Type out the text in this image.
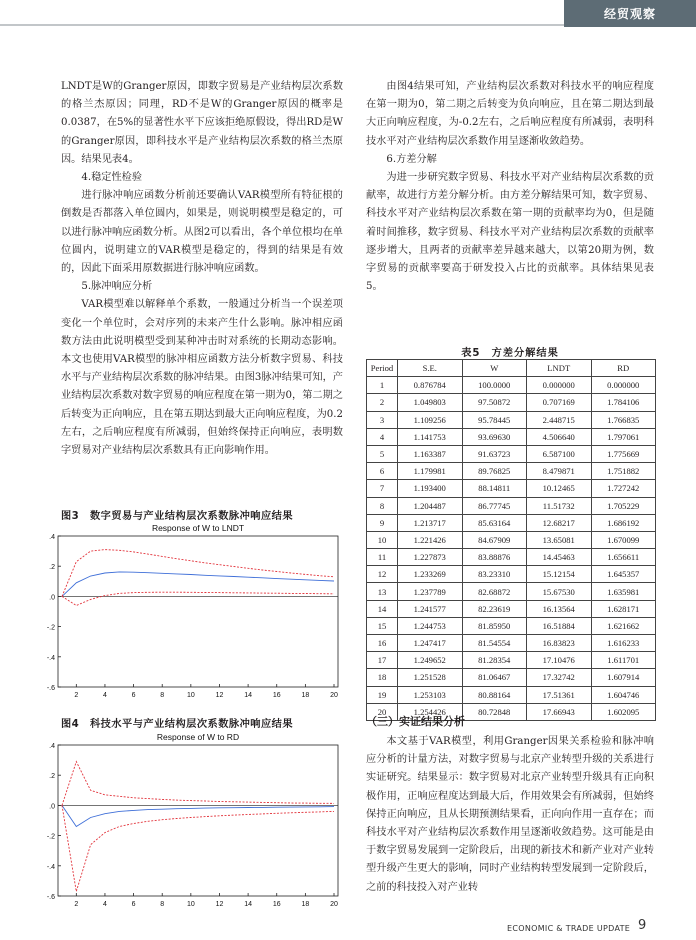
经贸观察

LNDT是W的Granger原因，即数字贸易是产业结构层次系数的格兰杰原因；同理，RD不是W的Granger原因的概率是0.0387，在5%的显著性水平下应该拒绝原假设，得出RD是W的Granger原因，即科技水平是产业结构层次系数的格兰杰原因。结果见表4。

4.稳定性检验

进行脉冲响应函数分析前还要确认VAR模型所有特征根的倒数是否都落入单位圆内，如果是，则说明模型是稳定的，可以进行脉冲响应函数分析。从图2可以看出，各个单位根均在单位圆内，说明建立的VAR模型是稳定的，得到的结果是有效的，因此下面采用原数据进行脉冲响应函数。

5.脉冲响应分析

VAR模型难以解释单个系数，一般通过分析当一个误差项变化一个单位时，会对序列的未来产生什么影响。脉冲相应函数方法由此说明模型受到某种冲击时对系统的长期动态影响。本文也使用VAR模型的脉冲相应函数方法分析数字贸易、科技水平与产业结构层次系数的脉冲结果。由图3脉冲结果可知，产业结构层次系数对数字贸易的响应程度在第一期为0，第二期之后转变为正向响应，且在第五期达到最大正向响应程度，为0.2左右，之后响应程度有所减弱，但始终保持正向响应，表明数字贸易对产业结构层次系数具有正向影响作用。

图3　数字贸易与产业结构层次系数脉冲响应结果
Response of W to LNDT
.4
.2
.0
-.2
-.4
-.6
2	4	6	8	10	12	14	16	18	20
图4　科技水平与产业结构层次系数脉冲响应结果
Response of W to RD
.4
.2
.0
-.2
-.4
-.6
2	4	6	8	10	12	14	16	18	20

由图4结果可知，产业结构层次系数对科技水平的响应程度在第一期为0，第二期之后转变为负向响应，且在第二期达到最大正向响应程度，为-0.2左右，之后响应程度有所减弱，表明科技水平对产业结构层次系数作用呈逐渐收敛趋势。

6.方差分解

为进一步研究数字贸易、科技水平对产业结构层次系数的贡献率，故进行方差分解分析。由方差分解结果可知，数字贸易、科技水平对产业结构层次系数在第一期的贡献率均为0，但是随着时间推移，数字贸易、科技水平对产业结构层次系数的贡献率逐步增大，且两者的贡献率差异越来越大，以第20期为例，数字贸易的贡献率要高于研发投入占比的贡献率。具体结果见表5。

表5　方差分解结果
Period	S.E.	W	LNDT	RD
1	0.876784	100.0000	0.000000	0.000000
2	1.049803	97.50872	0.707169	1.784106
3	1.109256	95.78445	2.448715	1.766835
4	1.141753	93.69630	4.506640	1.797061
5	1.163387	91.63723	6.587100	1.775669
6	1.179981	89.76825	8.479871	1.751882
7	1.193400	88.14811	10.12465	1.727242
8	1.204487	86.77745	11.51732	1.705229
9	1.213717	85.63164	12.68217	1.686192
10	1.221426	84.67909	13.65081	1.670099
11	1.227873	83.88876	14.45463	1.656611
12	1.233269	83.23310	15.12154	1.645357
13	1.237789	82.68872	15.67530	1.635981
14	1.241577	82.23619	16.13564	1.628171
15	1.244753	81.85950	16.51884	1.621662
16	1.247417	81.54554	16.83823	1.616233
17	1.249652	81.28354	17.10476	1.611701
18	1.251528	81.06467	17.32742	1.607914
19	1.253103	80.88164	17.51361	1.604746
20	1.254426	80.72848	17.66943	1.602095
（三）实证结果分析

本文基于VAR模型，利用Granger因果关系检验和脉冲响应分析的计量方法，对数字贸易与北京产业转型升级的关系进行实证研究。结果显示：数字贸易对北京产业转型升级具有正向积极作用，正响应程度达到最大后，作用效果会有所减弱，但始终保持正向响应，且从长期预测结果看，正向向作用一直存在；而科技水平对产业结构层次系数作用呈逐渐收敛趋势。这可能是由于数字贸易发展到一定阶段后，出现的新技术和新产业对产业转型升级产生更大的影响，同时产业结构转型发展到一定阶段后，之前的科技投入对产业转

ECONOMIC & TRADE UPDATE 9
